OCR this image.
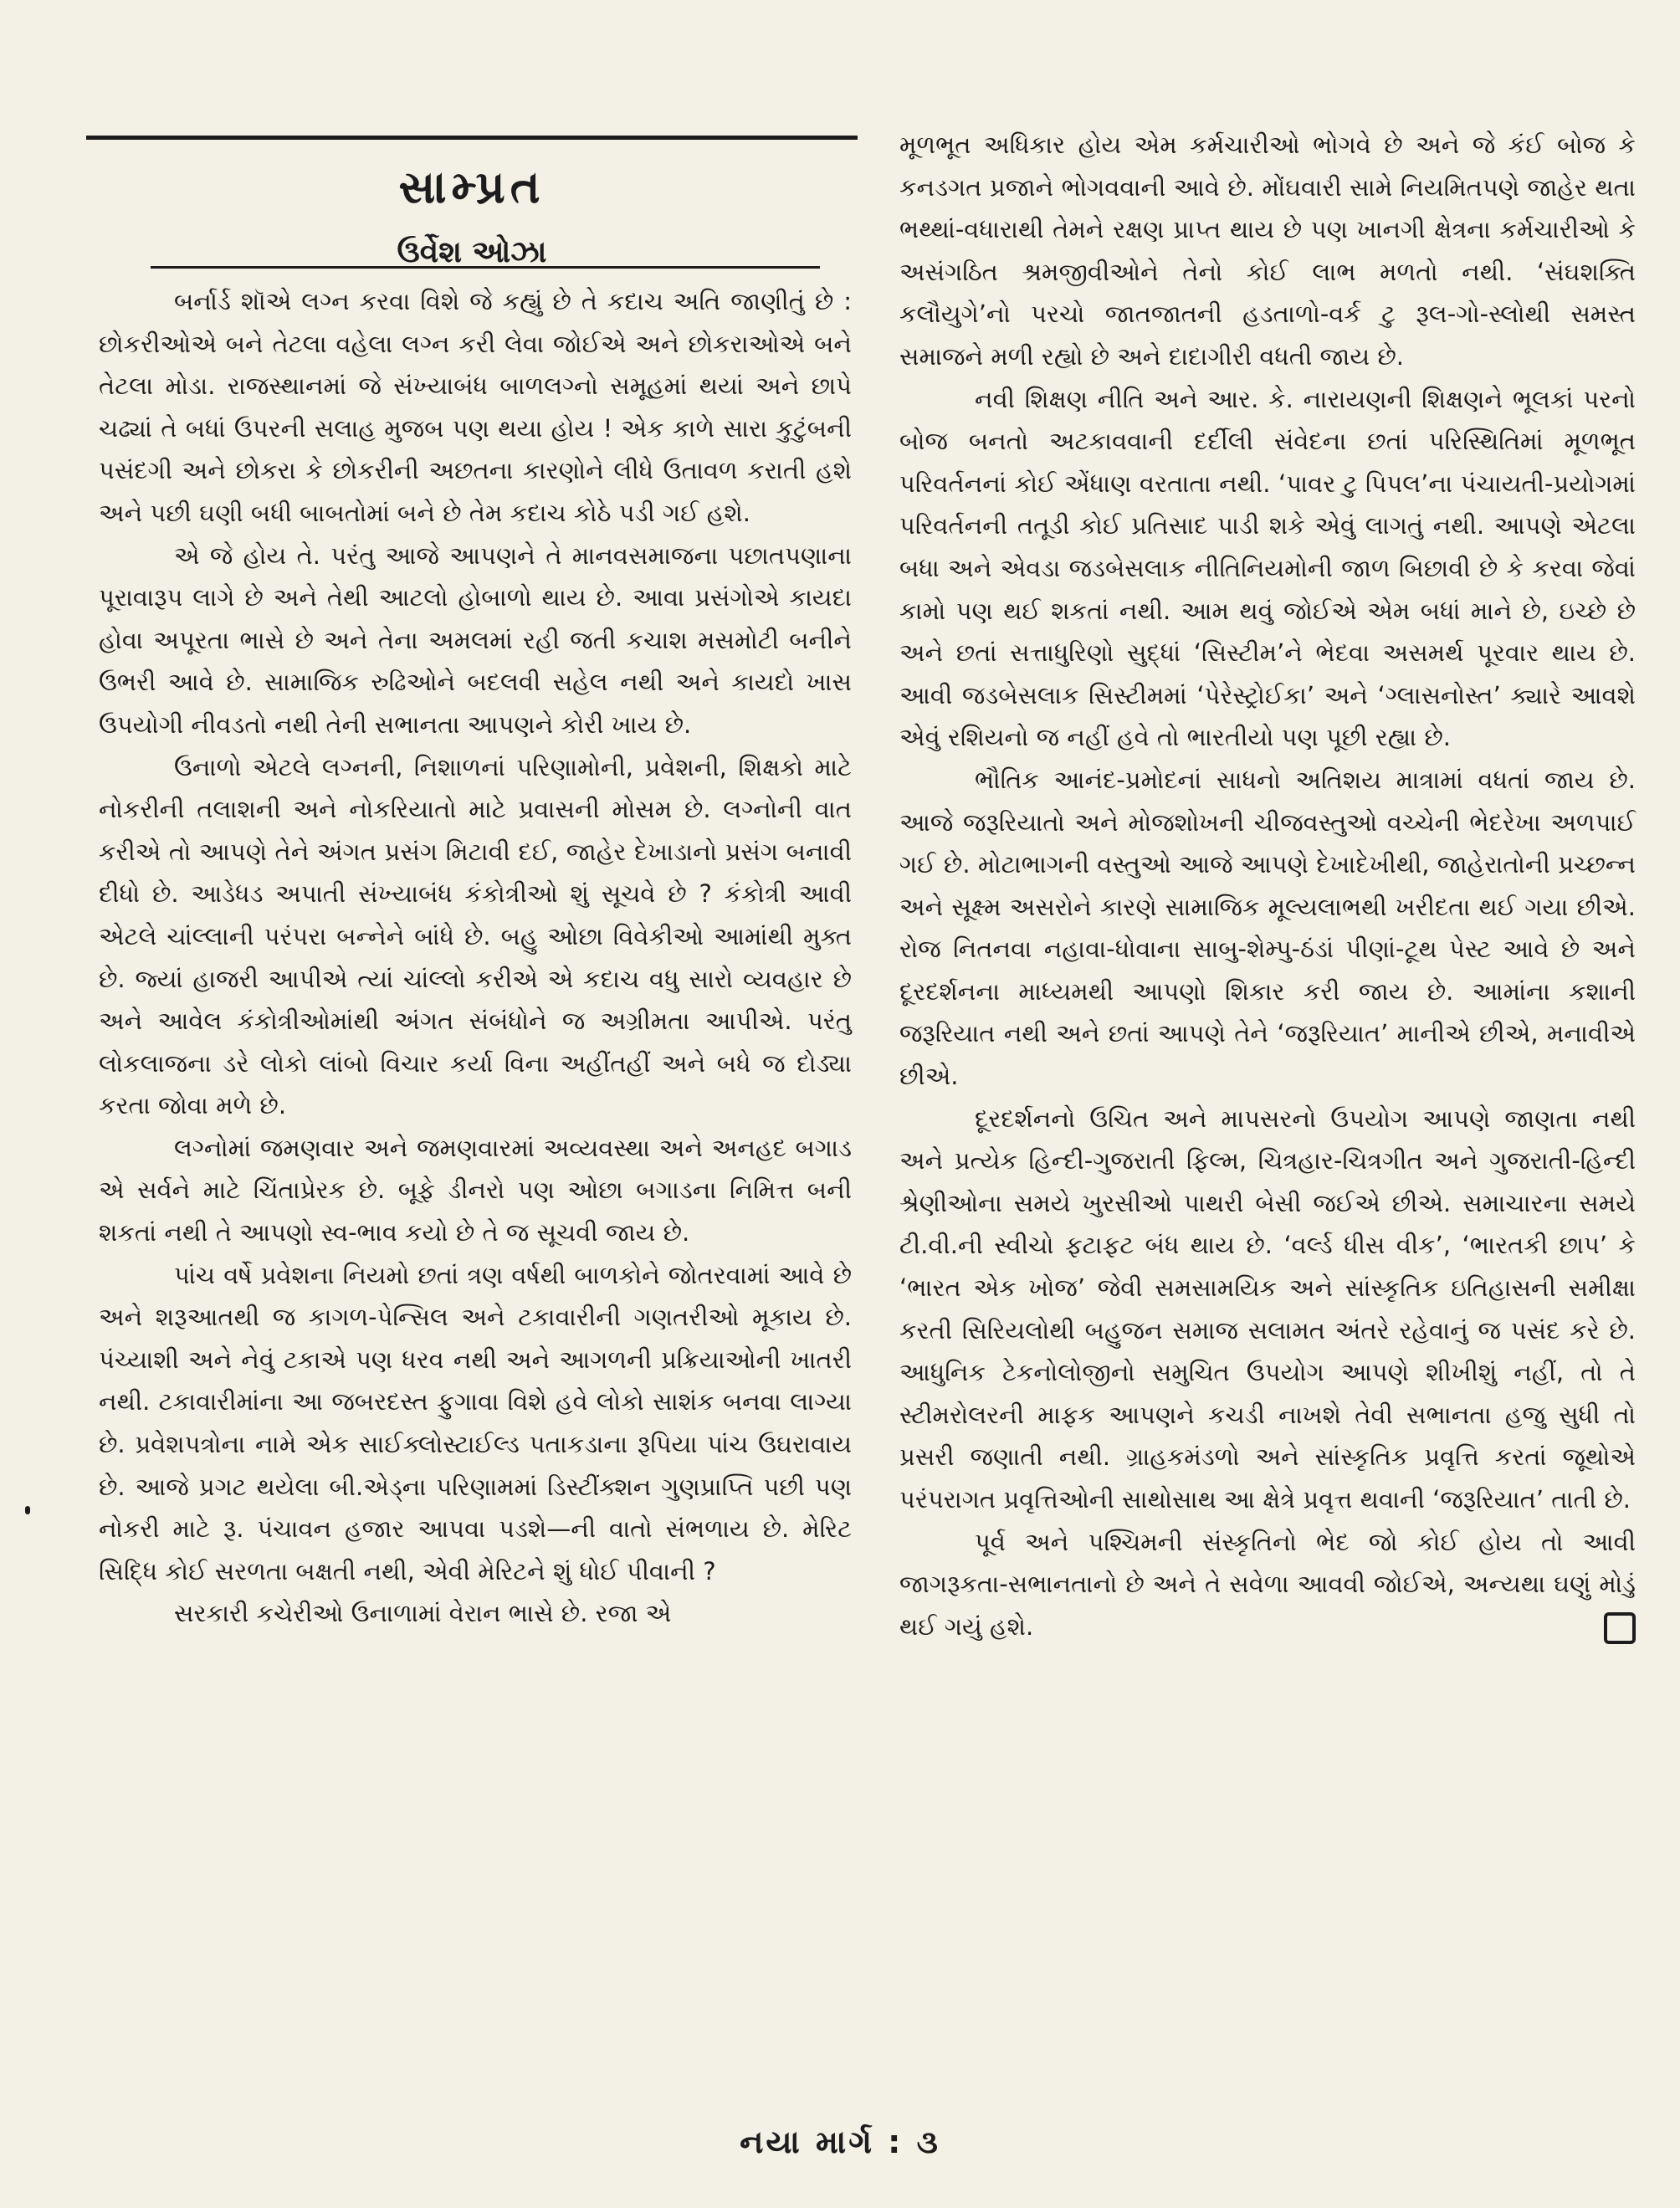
સામ્પ્રત
ઉર્વેશ ઓઝા

બર્નાર્ડ શૉએ લગ્ન કરવા વિશે જે કહ્યું છે તે કદાચ અતિ જાણીતું છે : છોકરીઓએ બને તેટલા વહેલા લગ્ન કરી લેવા જોઈએ અને છોકરાઓએ બને તેટલા મોડા. રાજસ્થાનમાં જે સંખ્યાબંધ બાળલગ્નો સમૂહમાં થયાં અને છાપે ચઢ્યાં તે બધાં ઉપરની સલાહ મુજબ પણ થયા હોય ! એક કાળે સારા કુટુંબની પસંદગી અને છોકરા કે છોકરીની અછતના કારણોને લીધે ઉતાવળ કરાતી હશે અને પછી ઘણી બધી બાબતોમાં બને છે તેમ કદાચ કોઠે પડી ગઈ હશે.

એ જે હોય તે. પરંતુ આજે આપણને તે માનવસમાજના પછાતપણાના પૂરાવારૂપ લાગે છે અને તેથી આટલો હોબાળો થાય છે. આવા પ્રસંગોએ કાયદા હોવા અપૂરતા ભાસે છે અને તેના અમલમાં રહી જતી કચાશ મસમોટી બનીને ઉભરી આવે છે. સામાજિક રુઢિઓને બદલવી સહેલ નથી અને કાયદો ખાસ ઉપયોગી નીવડતો નથી તેની સભાનતા આપણને કોરી ખાય છે.

ઉનાળો એટલે લગ્નની, નિશાળનાં પરિણામોની, પ્રવેશની, શિક્ષકો માટે નોકરીની તલાશની અને નોકરિયાતો માટે પ્રવાસની મોસમ છે. લગ્નોની વાત કરીએ તો આપણે તેને અંગત પ્રસંગ મિટાવી દઈ, જાહેર દેખાડાનો પ્રસંગ બનાવી દીધો છે. આડેધડ અપાતી સંખ્યાબંધ કંકોત્રીઓ શું સૂચવે છે ? કંકોત્રી આવી એટલે ચાંલ્લાની પરંપરા બન્નેને બાંધે છે. બહુ ઓછા વિવેકીઓ આમાંથી મુક્ત છે. જ્યાં હાજરી આપીએ ત્યાં ચાંલ્લો કરીએ એ કદાચ વધુ સારો વ્યવહાર છે અને આવેલ કંકોત્રીઓમાંથી અંગત સંબંધોને જ અગ્રીમતા આપીએ. પરંતુ લોકલાજના ડરે લોકો લાંબો વિચાર કર્યા વિના અહીંતહીં અને બધે જ દોડ્યા કરતા જોવા મળે છે.

લગ્નોમાં જમણવાર અને જમણવારમાં અવ્યવસ્થા અને અનહદ બગાડ એ સર્વને માટે ચિંતાપ્રેરક છે. બૂફે ડીનરો પણ ઓછા બગાડના નિમિત્ત બની શકતાં નથી તે આપણો સ્વ-ભાવ કયો છે તે જ સૂચવી જાય છે.

પાંચ વર્ષે પ્રવેશના નિયમો છતાં ત્રણ વર્ષથી બાળકોને જોતરવામાં આવે છે અને શરૂઆતથી જ કાગળ-પેન્સિલ અને ટકાવારીની ગણતરીઓ મૂકાય છે. પંચ્યાશી અને નેવું ટકાએ પણ ધરવ નથી અને આગળની પ્રક્રિયાઓની ખાતરી નથી. ટકાવારીમાંના આ જબરદસ્ત ફુગાવા વિશે હવે લોકો સાશંક બનવા લાગ્યા છે. પ્રવેશપત્રોના નામે એક સાઈક્લોસ્ટાઈલ્ડ પતાકડાના રૂપિયા પાંચ ઉઘરાવાય છે. આજે પ્રગટ થયેલા બી.એડ્ના પરિણામમાં ડિસ્ટીંક્શન ગુણપ્રાપ્તિ પછી પણ નોકરી માટે રૂ. પંચાવન હજાર આપવા પડશે—ની વાતો સંભળાય છે. મેરિટ સિદ્ધિ કોઈ સરળતા બક્ષતી નથી, એવી મેરિટને શું ધોઈ પીવાની ?

સરકારી કચેરીઓ ઉનાળામાં વેરાન ભાસે છે. રજા એ

મૂળભૂત અધિકાર હોય એમ કર્મચારીઓ ભોગવે છે અને જે કંઈ બોજ કે કનડગત પ્રજાને ભોગવવાની આવે છે. મોંઘવારી સામે નિયમિતપણે જાહેર થતા ભથ્થાં-વધારાથી તેમને રક્ષણ પ્રાપ્ત થાય છે પણ ખાનગી ક્ષેત્રના કર્મચારીઓ કે અસંગઠિત શ્રમજીવીઓને તેનો કોઈ લાભ મળતો નથી. ‘સંઘશક્તિ કલૌયુગે’નો પરચો જાતજાતની હડતાળો-વર્ક ટુ રૂલ-ગો-સ્લોથી સમસ્ત સમાજને મળી રહ્યો છે અને દાદાગીરી વધતી જાય છે.

નવી શિક્ષણ નીતિ અને આર. કે. નારાયણની શિક્ષણને ભૂલકાં પરનો બોજ બનતો અટકાવવાની દર્દીલી સંવેદના છતાં પરિસ્થિતિમાં મૂળભૂત પરિવર્તનનાં કોઈ એંધાણ વરતાતા નથી. ‘પાવર ટુ પિપલ’ના પંચાયતી-પ્રયોગમાં પરિવર્તનની તતૂડી કોઈ પ્રતિસાદ પાડી શકે એવું લાગતું નથી. આપણે એટલા બધા અને એવડા જડબેસલાક નીતિનિયમોની જાળ બિછાવી છે કે કરવા જેવાં કામો પણ થઈ શકતાં નથી. આમ થવું જોઈએ એમ બધાં માને છે, ઇચ્છે છે અને છતાં સત્તાધુરિણો સુદ્ધાં ‘સિસ્ટીમ’ને ભેદવા અસમર્થ પૂરવાર થાય છે. આવી જડબેસલાક સિસ્ટીમમાં ‘પેરેસ્ટ્રોઈકા’ અને ‘ગ્લાસનોસ્ત’ ક્યારે આવશે એવું રશિયનો જ નહીં હવે તો ભારતીયો પણ પૂછી રહ્યા છે.

ભૌતિક આનંદ-પ્રમોદનાં સાધનો અતિશય માત્રામાં વધતાં જાય છે. આજે જરૂરિયાતો અને મોજશોખની ચીજવસ્તુઓ વચ્ચેની ભેદરેખા અળપાઈ ગઈ છે. મોટાભાગની વસ્તુઓ આજે આપણે દેખાદેખીથી, જાહેરાતોની પ્રચ્છન્ન અને સૂક્ષ્મ અસરોને કારણે સામાજિક મૂલ્યલાભથી ખરીદતા થઈ ગયા છીએ. રોજ નિતનવા નહાવા-ધોવાના સાબુ-શેમ્પુ-ઠંડાં પીણાં-ટૂથ પેસ્ટ આવે છે અને દૂરદર્શનના માધ્યમથી આપણો શિકાર કરી જાય છે. આમાંના કશાની જરૂરિયાત નથી અને છતાં આપણે તેને ‘જરૂરિયાત’ માનીએ છીએ, મનાવીએ છીએ.

દૂરદર્શનનો ઉચિત અને માપસરનો ઉપયોગ આપણે જાણતા નથી અને પ્રત્યેક હિન્દી-ગુજરાતી ફિલ્મ, ચિત્રહાર-ચિત્રગીત અને ગુજરાતી-હિન્દી શ્રેણીઓના સમયે ખુરસીઓ પાથરી બેસી જઈએ છીએ. સમાચારના સમયે ટી.વી.ની સ્વીચો ફટાફટ બંધ થાય છે. ‘વર્લ્ડ ધીસ વીક’, ‘ભારતકી છાપ’ કે ‘ભારત એક ખોજ’ જેવી સમસામયિક અને સાંસ્કૃતિક ઇતિહાસની સમીક્ષા કરતી સિરિયલોથી બહુજન સમાજ સલામત અંતરે રહેવાનું જ પસંદ કરે છે. આધુનિક ટેકનોલોજીનો સમુચિત ઉપયોગ આપણે શીખીશું નહીં, તો તે સ્ટીમરોલરની માફક આપણને કચડી નાખશે તેવી સભાનતા હજુ સુધી તો પ્રસરી જણાતી નથી. ગ્રાહકમંડળો અને સાંસ્કૃતિક પ્રવૃત્તિ કરતાં જૂથોએ પરંપરાગત પ્રવૃત્તિઓની સાથોસાથ આ ક્ષેત્રે પ્રવૃત્ત થવાની ‘જરૂરિયાત’ તાતી છે.

પૂર્વ અને પશ્ચિમની સંસ્કૃતિનો ભેદ જો કોઈ હોય તો આવી જાગરૂકતા-સભાનતાનો છે અને તે સવેળા આવવી જોઈએ, અન્યથા ઘણું મોડું થઈ ગયું હશે.

નયા માર્ગ : ૩
